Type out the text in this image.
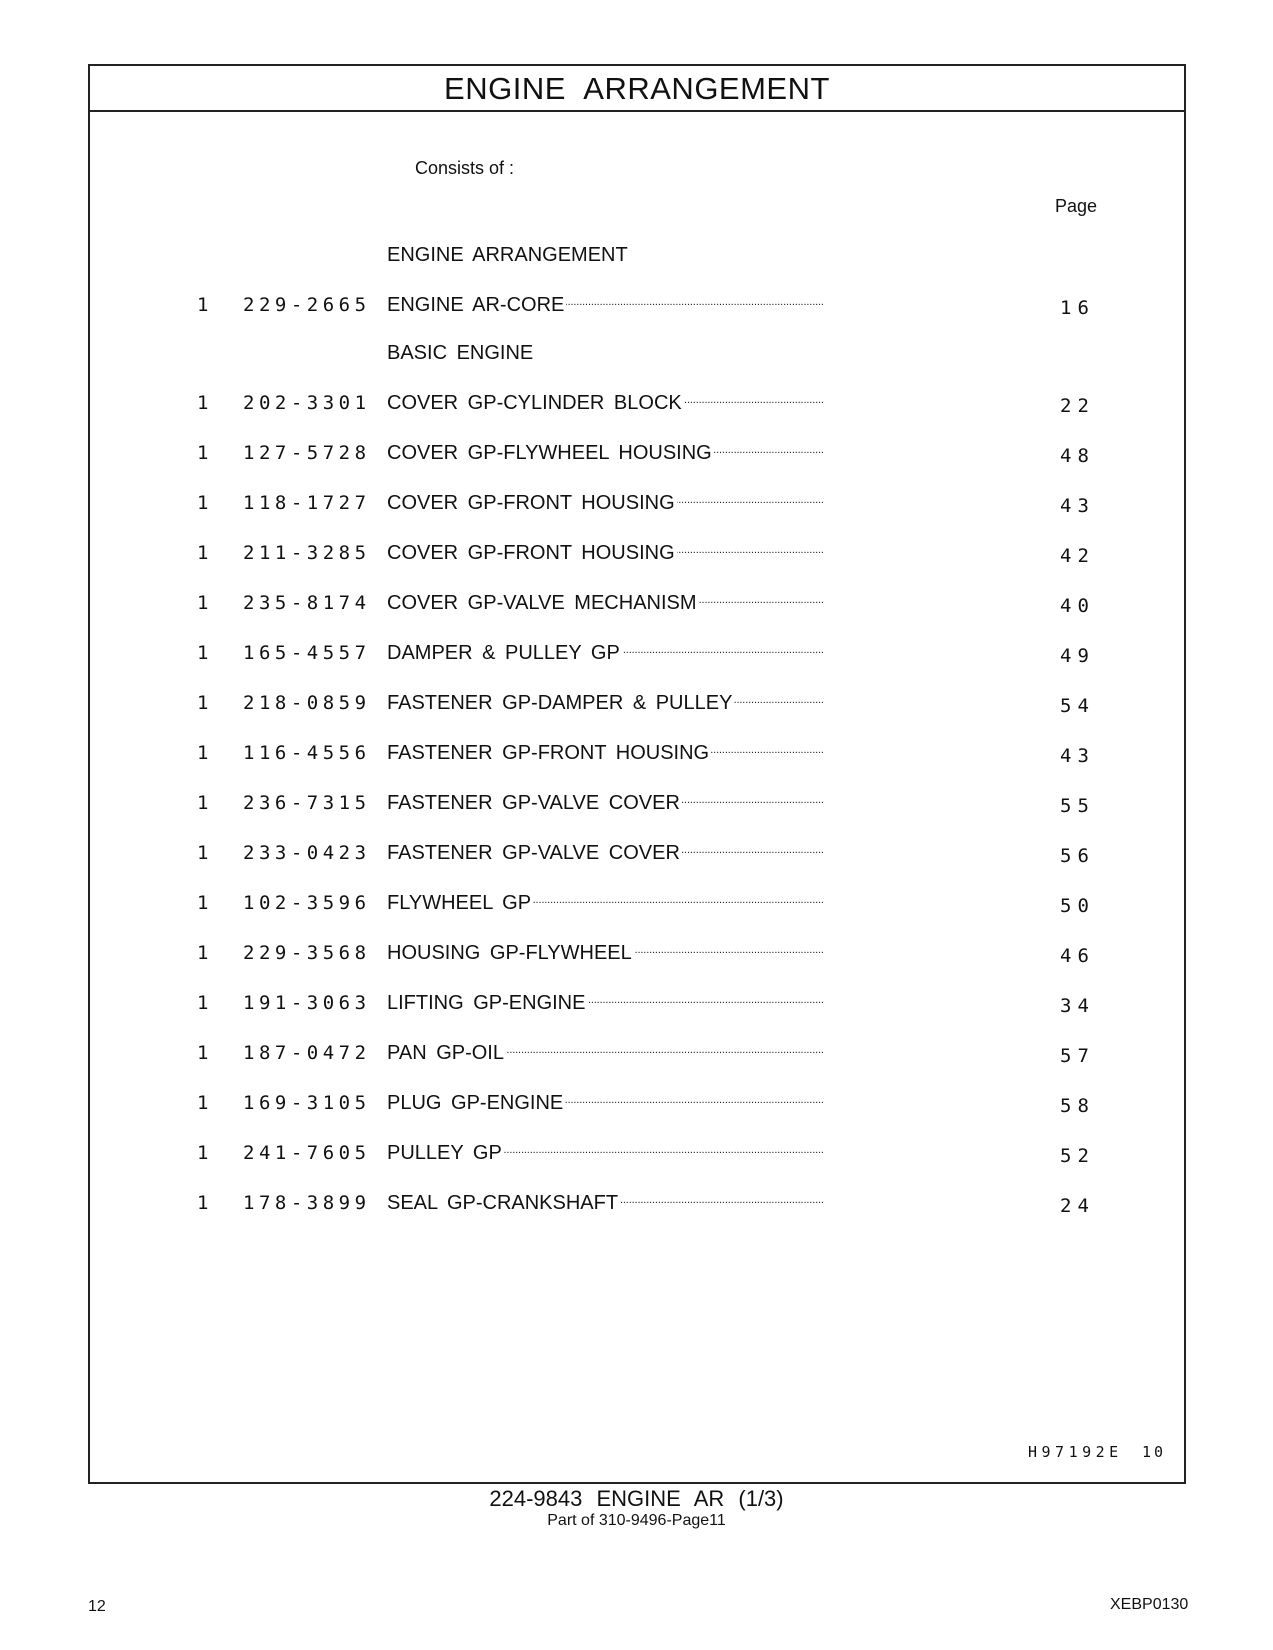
ENGINE ARRANGEMENT
Consists of :
Page
ENGINE ARRANGEMENT
1 229-2665 ENGINE AR-CORE . . .	16
BASIC ENGINE
1 202-3301 COVER GP-CYLINDER BLOCK . . .	22
1 127-5728 COVER GP-FLYWHEEL HOUSING . . .	48
1 118-1727 COVER GP-FRONT HOUSING . . .	43
1 211-3285 COVER GP-FRONT HOUSING . . .	42
1 235-8174 COVER GP-VALVE MECHANISM . . .	40
1 165-4557 DAMPER & PULLEY GP . . .	49
1 218-0859 FASTENER GP-DAMPER & PULLEY . . .	54
1 116-4556 FASTENER GP-FRONT HOUSING . . .	43
1 236-7315 FASTENER GP-VALVE COVER . . .	55
1 233-0423 FASTENER GP-VALVE COVER . . .	56
1 102-3596 FLYWHEEL GP . . .	50
1 229-3568 HOUSING GP-FLYWHEEL . . .	46
1 191-3063 LIFTING GP-ENGINE . . .	34
1 187-0472 PAN GP-OIL . . .	57
1 169-3105 PLUG GP-ENGINE . . .	58
1 241-7605 PULLEY GP . . .	52
1 178-3899 SEAL GP-CRANKSHAFT . . .	24
H97192E 10
224-9843 ENGINE AR (1/3)
Part of 310-9496-Page11
12	XEBP0130
